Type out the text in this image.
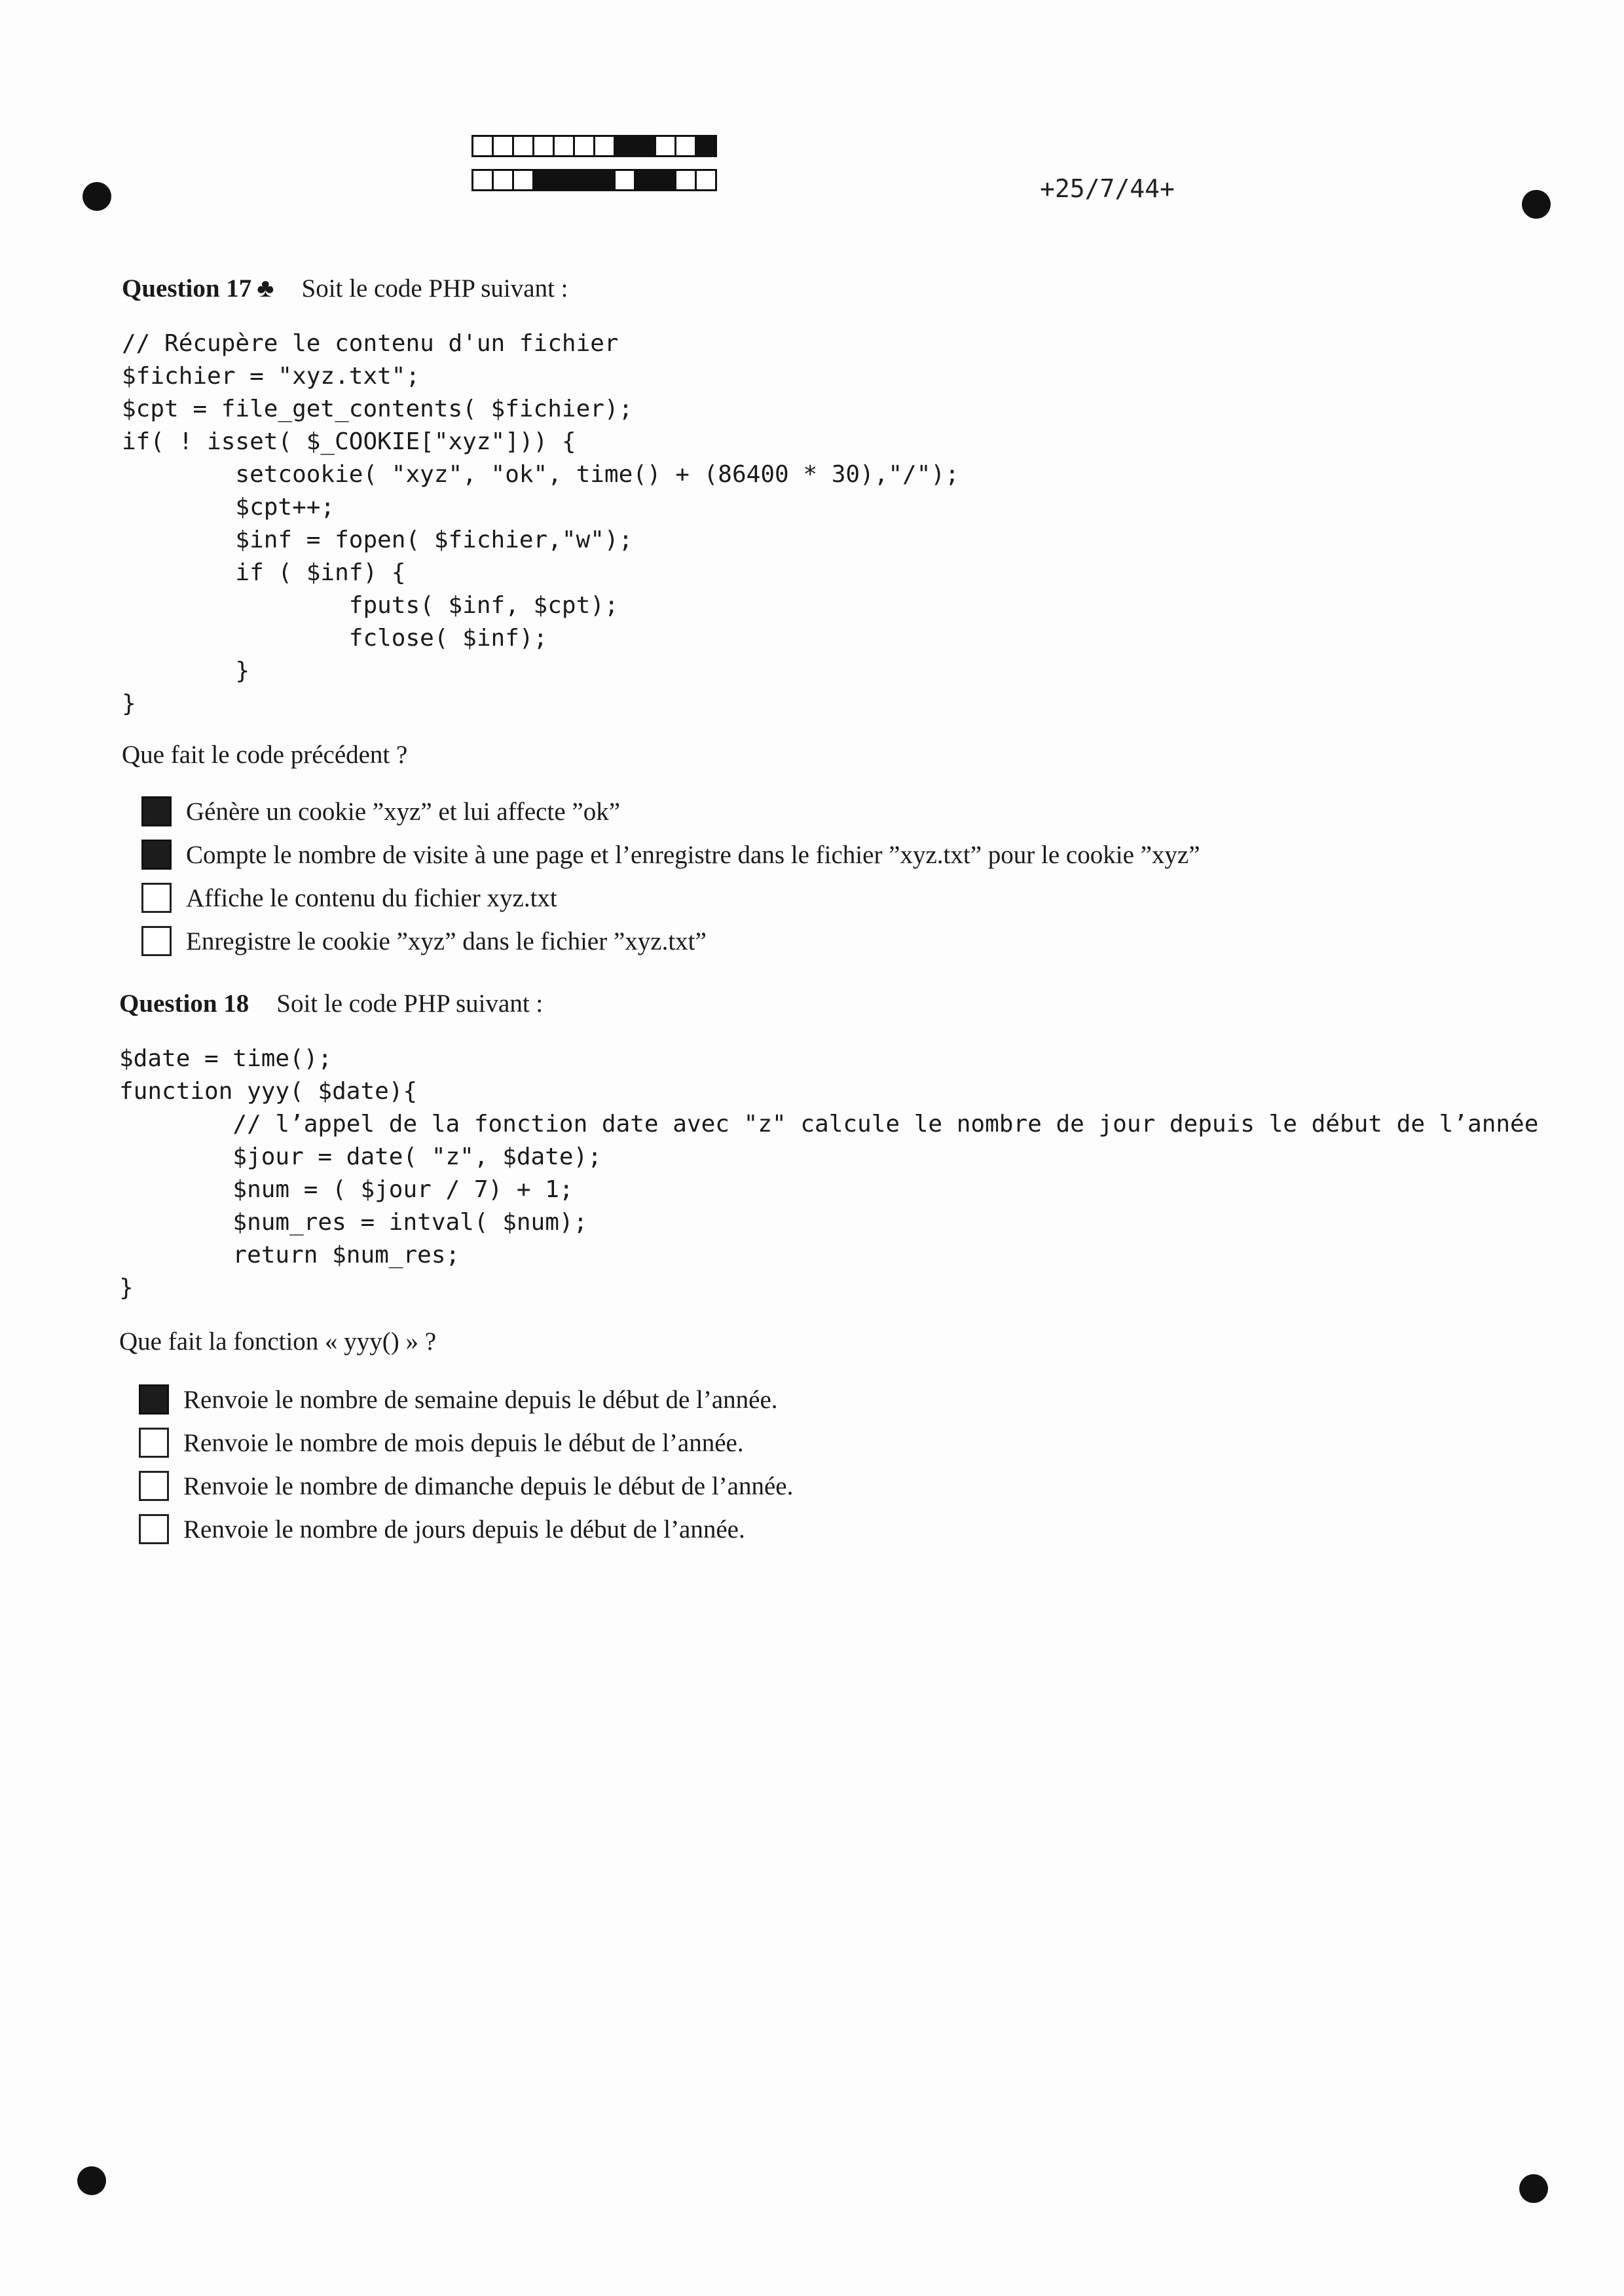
+25/7/44+
Question 17 ♣ Soit le code PHP suivant :
// Récupère le contenu d'un fichier
$fichier = "xyz.txt";
$cpt = file_get_contents( $fichier);
if( ! isset( $_COOKIE["xyz"])) {
setcookie( "xyz", "ok", time() + (86400 * 30),"/");
$cpt++;
$inf = fopen( $fichier,"w");
if ( $inf) {
fputs( $inf, $cpt);
fclose( $inf);
}
}
Que fait le code précédent ?
Génère un cookie ”xyz” et lui affecte ”ok”
Compte le nombre de visite à une page et l’enregistre dans le fichier ”xyz.txt” pour le cookie ”xyz”
Affiche le contenu du fichier xyz.txt
Enregistre le cookie ”xyz” dans le fichier ”xyz.txt”
Question 18 Soit le code PHP suivant :
$date = time();
function yyy( $date){
// l’appel de la fonction date avec "z" calcule le nombre de jour depuis le début de l’année
$jour = date( "z", $date);
$num = ( $jour / 7) + 1;
$num_res = intval( $num);
return $num_res;
}
Que fait la fonction « yyy() » ?
Renvoie le nombre de semaine depuis le début de l’année.
Renvoie le nombre de mois depuis le début de l’année.
Renvoie le nombre de dimanche depuis le début de l’année.
Renvoie le nombre de jours depuis le début de l’année.
